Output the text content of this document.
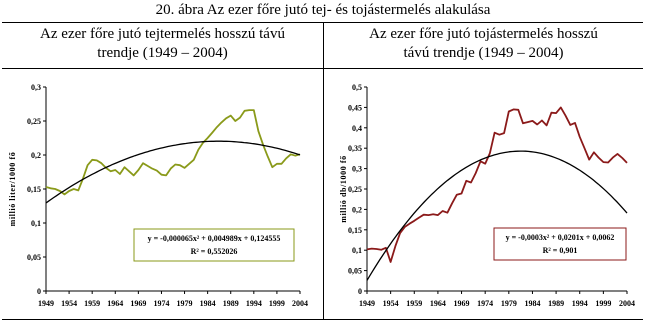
20. ábra Az ezer főre jutó tej- és tojástermelés alakulása
Az ezer főre jutó tejtermelés hosszú távú
trendje (1949 – 2004)
Az ezer főre jutó tojástermelés hosszú
távú trendje (1949 – 2004)
0
0,05
0,1
0,15
0,2
0,25
0,3
1949 1954 1959 1964 1969 1974 1979 1984 1989 1994 1999 2004
millió liter/1000 fő
y = -0,000065x² + 0,004989x + 0,124555
R² = 0,552026
0
0,05
0,1
0,15
0,2
0,25
0,3
0,35
0,4
0,45
0,5
1949 1954 1959 1964 1969 1974 1979 1984 1989 1994 1999 2004
millió db/1000 fő
y = -0,0003x² + 0,0201x + 0,0062
R² = 0,901
